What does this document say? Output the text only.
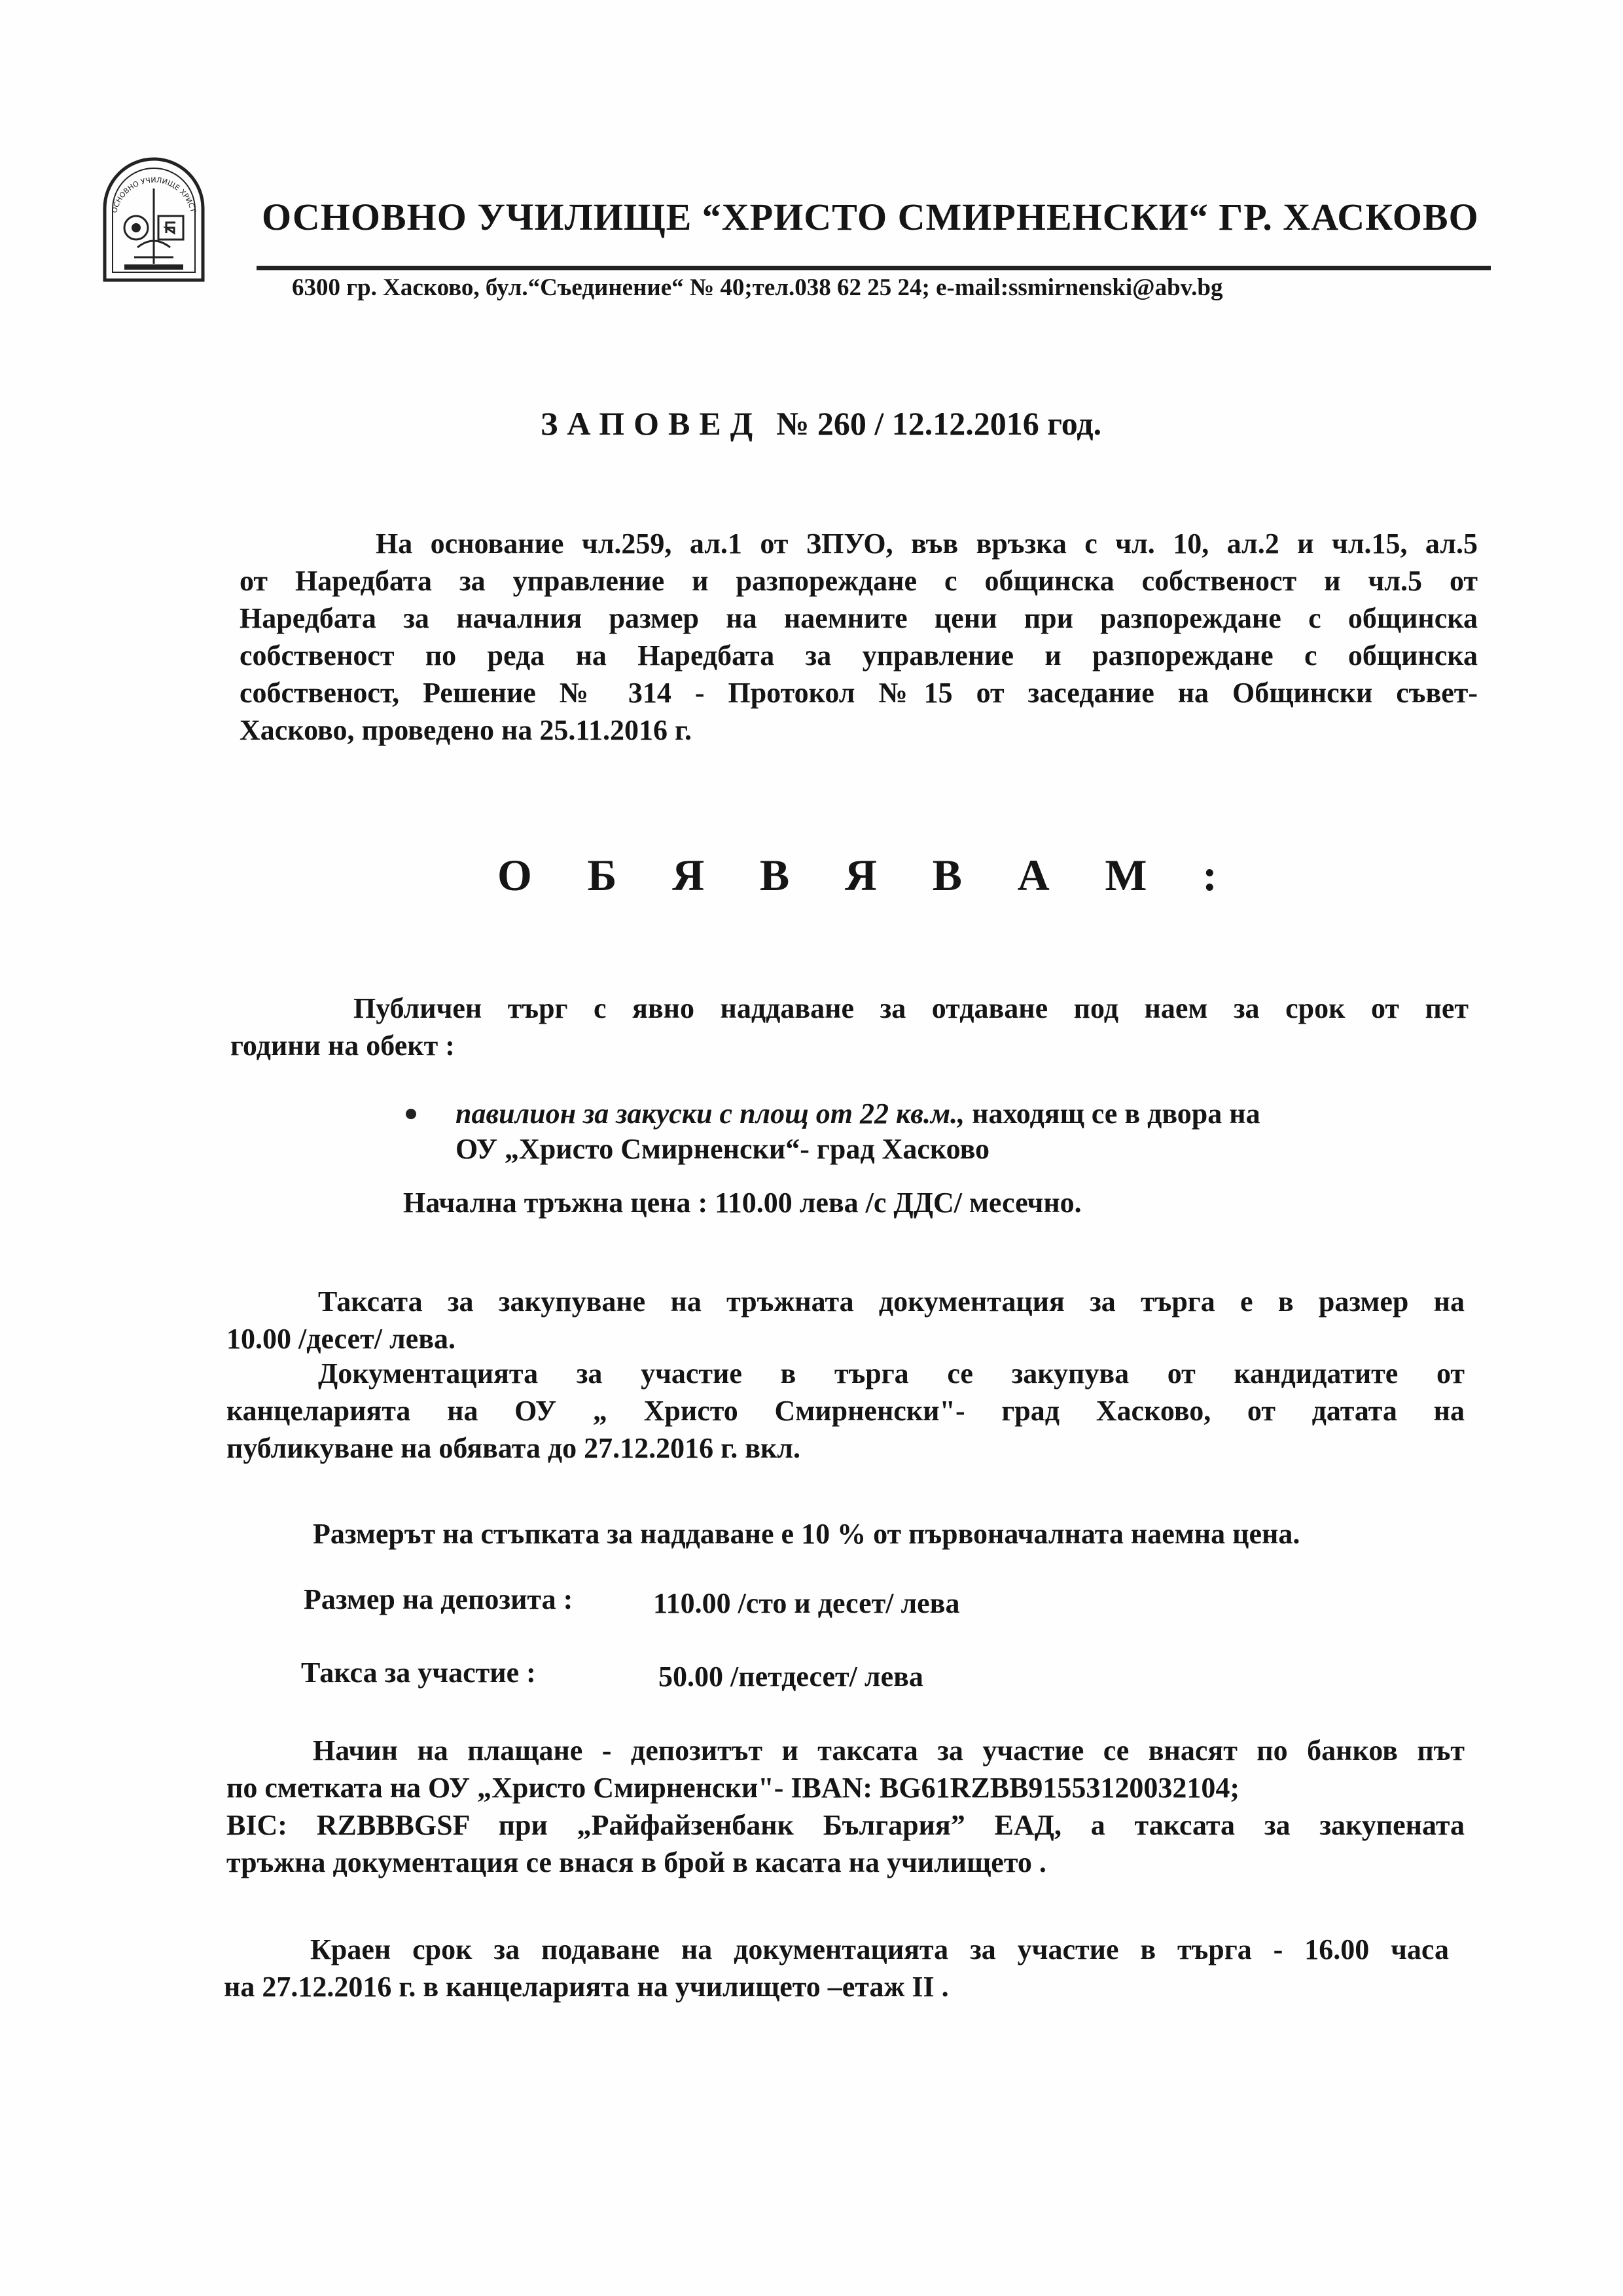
ОСНОВНО УЧИЛИЩЕ ХРИСТ ОСНОВНО УЧИЛИЩЕ “ХРИСТО СМИРНЕНСКИ“ ГР. ХАСКОВО
6300 гр. Хасково, бул.“Съединение“ № 40;тел.038 62 25 24; e-mail:ssmirnenski@abv.bg
ЗАПОВЕД № 260 / 12.12.2016 год.
На основание чл.259, ал.1 от ЗПУО, във връзка с чл. 10, ал.2 и чл.15, ал.5
от Наредбата за управление и разпореждане с общинска собственост и чл.5 от
Наредбата за началния размер на наемните цени при разпореждане с общинска
собственост по реда на Наредбата за управление и разпореждане с общинска
собственост, Решение № 314 - Протокол №15 от заседание на Общински съвет-
Хасково, проведено на 25.11.2016 г.
О Б Я В Я В А М :
Публичен търг с явно наддаване за отдаване под наем за срок от пет
години на обект :
павилион за закуски с площ от 22 кв.м., находящ се в двора на
ОУ „Христо Смирненски“- град Хасково
Начална тръжна цена : 110.00 лева /с ДДС/ месечно.
Таксата за закупуване на тръжната документация за търга е в размер на
10.00 /десет/ лева.
Документацията за участие в търга се закупува от кандидатите от
канцеларията на ОУ „ Христо Смирненски"- град Хасково, от датата на
публикуване на обявата до 27.12.2016 г. вкл.
Размерът на стъпката за наддаване е 10 % от първоначалната наемна цена.
Размер на депозита :	110.00 /сто и десет/ лева
Такса за участие :	50.00 /петдесет/ лева
Начин на плащане - депозитът и таксата за участие се внасят по банков път
по сметката на ОУ „Христо Смирненски"- IBAN: BG61RZBB91553120032104;
BIC: RZBBBGSF при „Райфайзенбанк България” ЕАД, а таксата за закупената
тръжна документация се внася в брой в касата на училището .
Краен срок за подаване на документацията за участие в търга - 16.00 часа
на 27.12.2016 г. в канцеларията на училището –етаж II .
